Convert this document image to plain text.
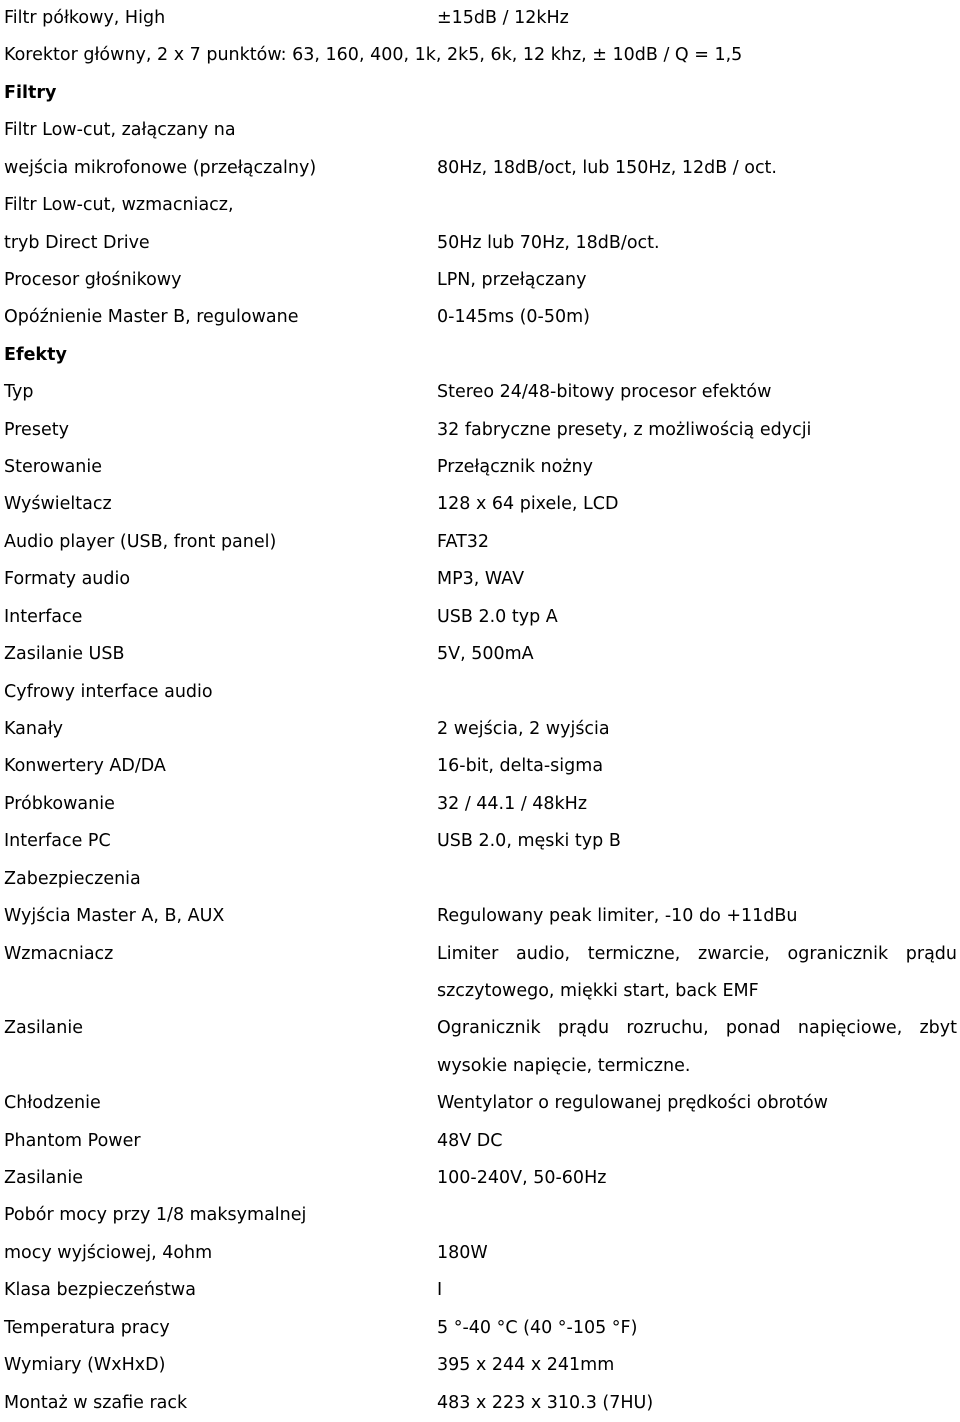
Filtr półkowy, High	±15dB / 12kHz
Korektor główny, 2 x 7 punktów: 63, 160, 400, 1k, 2k5, 6k, 12 khz, ± 10dB / Q = 1,5
Filtry
Filtr Low-cut, załączany na
wejścia mikrofonowe (przełączalny)	80Hz, 18dB/oct, lub 150Hz, 12dB / oct.
Filtr Low-cut, wzmacniacz,
tryb Direct Drive	50Hz lub 70Hz, 18dB/oct.
Procesor głośnikowy	LPN, przełączany
Opóźnienie Master B, regulowane	0-145ms (0-50m)
Efekty
Typ	Stereo 24/48-bitowy procesor efektów
Presety	32 fabryczne presety, z możliwością edycji
Sterowanie	Przełącznik nożny
Wyświeltacz	128 x 64 pixele, LCD
Audio player (USB, front panel)	FAT32
Formaty audio	MP3, WAV
Interface	USB 2.0 typ A
Zasilanie USB	5V, 500mA
Cyfrowy interface audio
Kanały	2 wejścia, 2 wyjścia
Konwertery AD/DA	16-bit, delta-sigma
Próbkowanie	32 / 44.1 / 48kHz
Interface PC	USB 2.0, męski typ B
Zabezpieczenia
Wyjścia Master A, B, AUX	Regulowany peak limiter, -10 do +11dBu
Wzmacniacz	Limiter audio, termiczne, zwarcie, ogranicznik prądu
szczytowego, miękki start, back EMF
Zasilanie	Ogranicznik prądu rozruchu, ponad napięciowe, zbyt
wysokie napięcie, termiczne.
Chłodzenie	Wentylator o regulowanej prędkości obrotów
Phantom Power	48V DC
Zasilanie	100-240V, 50-60Hz
Pobór mocy przy 1/8 maksymalnej
mocy wyjściowej, 4ohm	180W
Klasa bezpieczeństwa	I
Temperatura pracy	5 °-40 °C (40 °-105 °F)
Wymiary (WxHxD)	395 x 244 x 241mm
Montaż w szafie rack	483 x 223 x 310.3 (7HU)
